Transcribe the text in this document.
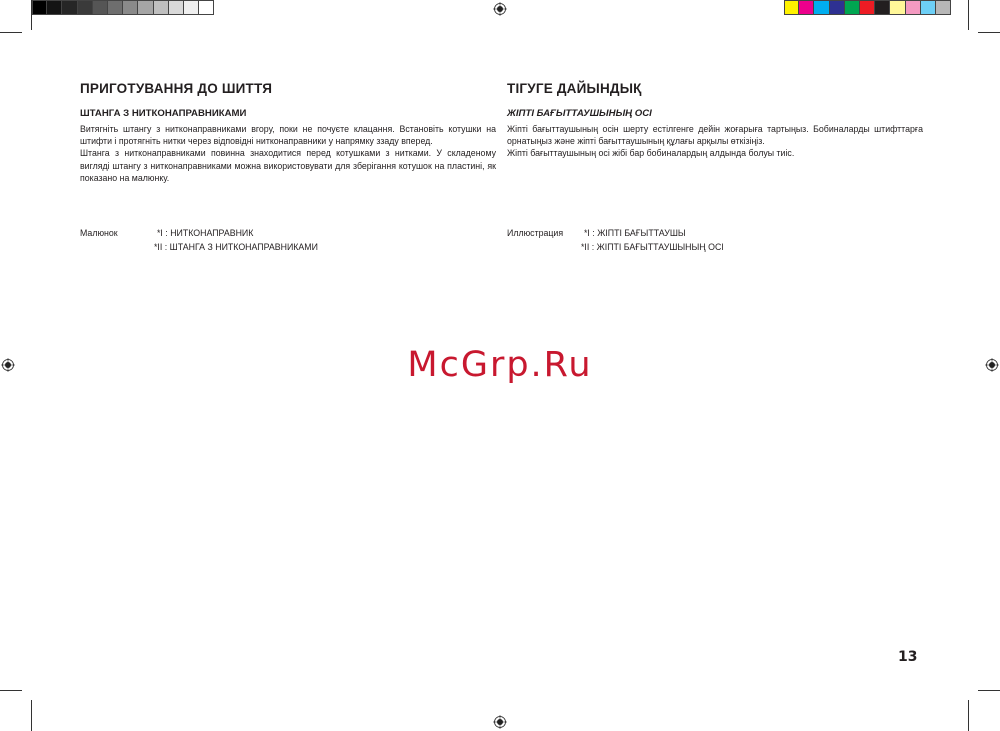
ПРИГОТУВАННЯ ДО ШИТТЯ
ШТАНГА З НИТКОНАПРАВНИКАМИ

Витягніть штангу з нитконаправниками вгору, поки не почуєте клацання. Встановіть котушки на штифти і протягніть нитки через відповідні нитконаправники у напрямку ззаду вперед.

Штанга з нитконаправниками повинна знаходитися перед котушками з нитками. У складеному вигляді штангу з нитконаправниками можна використовувати для зберігання котушок на пластині, як показано на малюнку.

Малюнок	*I : НИТКОНАПРАВНИК
*II : ШТАНГА З НИТКОНАПРАВНИКАМИ
ТІГУГЕ ДАЙЫНДЫҚ
ЖІПТІ БАҒЫТТАУШЫНЫҢ ОСІ

Жіпті бағыттаушының осін шерту естілгенге дейін жоғарыға тартыңыз. Бобиналарды штифттарға орнатыңыз және жіпті бағыттаушының құлағы арқылы өткізіңіз.

Жіпті бағыттаушының осі жібі бар бобиналардың алдында болуы тиіс.

Иллюстрация *I : ЖІПТІ БАҒЫТТАУШЫ
*II : ЖІПТІ БАҒЫТТАУШЫНЫҢ ОСІ
McGrp.Ru
13
